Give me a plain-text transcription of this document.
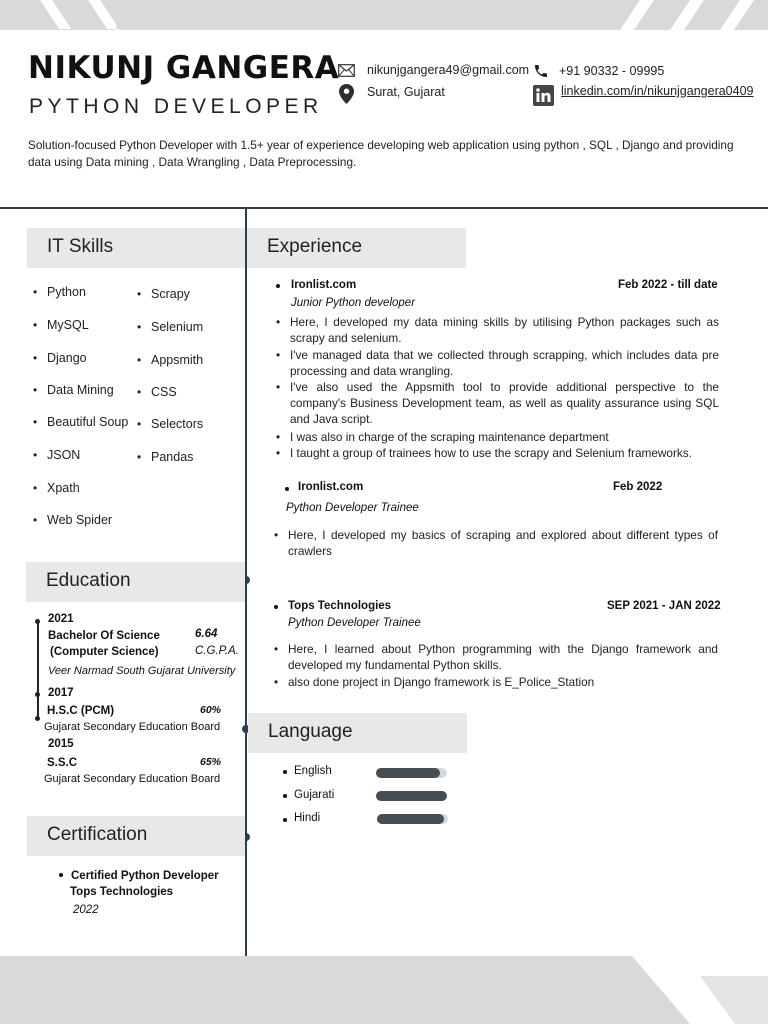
NIKUNJ GANGERA
PYTHON DEVELOPER
nikunjgangera49@gmail.com +91 90332 - 09995
Surat, Gujarat	linkedin.com/in/nikunjgangera0409
Solution-focused Python Developer with 1.5+ year of experience developing web application using python , SQL , Django and providing data using Data mining , Data Wrangling , Data Preprocessing.
IT Skills
• Python
• MySQL
• Django
• Data Mining
• Beautiful Soup
• JSON
• Xpath
• Web Spider
• Scrapy
• Selenium
• Appsmith
• CSS
• Selectors
• Pandas
Education
2021
Bachelor Of Science
(Computer Science)
6.64
C.G.P.A.
Veer Narmad South Gujarat University
2017
H.S.C (PCM)	60%
Gujarat Secondary Education Board
2015
S.S.C	65%
Gujarat Secondary Education Board
Certification
Certified Python Developer
Tops Technologies
2022
Experience
Ironlist.com	Feb 2022 - till date
Junior Python developer
• Here, I developed my data mining skills by utilising Python packages such as scrapy and selenium.
• I've managed data that we collected through scrapping, which includes data pre processing and data wrangling.
• I've also used the Appsmith tool to provide additional perspective to the company's Business Development team, as well as quality assurance using SQL and Java script.
• I was also in charge of the scraping maintenance department
• I taught a group of trainees how to use the scrapy and Selenium frameworks.
Ironlist.com	Feb 2022
Python Developer Trainee
• Here, I developed my basics of scraping and explored about different types of crawlers
Tops Technologies	SEP 2021 - JAN 2022
Python Developer Trainee
• Here, I learned about Python programming with the Django framework and developed my fundamental Python skills.
• also done project in Django framework is E_Police_Station
Language
English
Gujarati
Hindi
